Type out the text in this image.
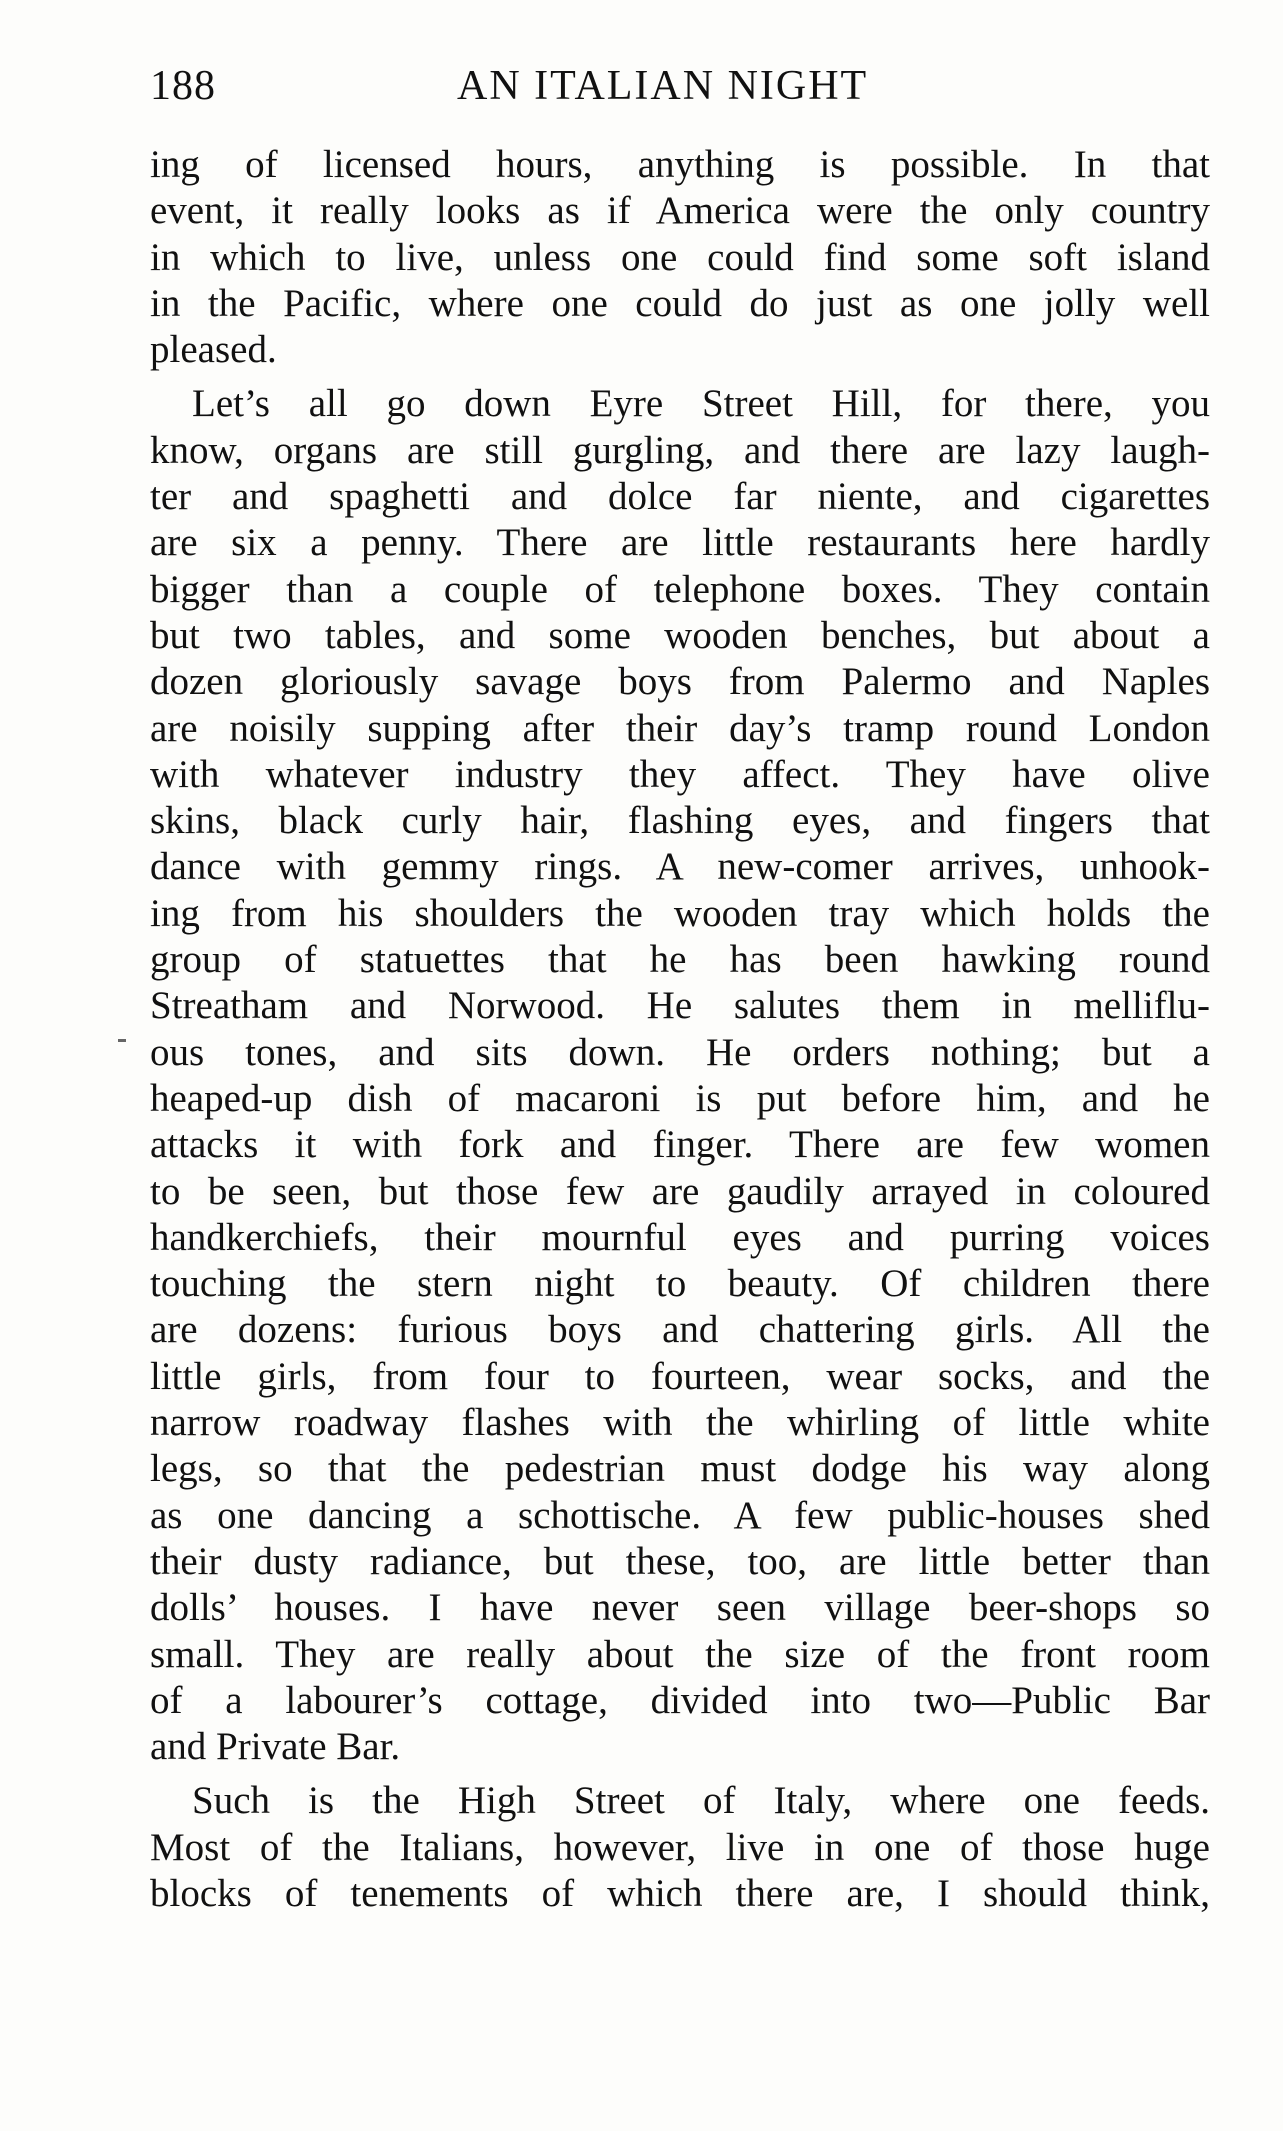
188	AN ITALIAN NIGHT
ing of licensed hours, anything is possible. In that
event, it really looks as if America were the only country
in which to live, unless one could find some soft island
in the Pacific, where one could do just as one jolly well
pleased.
Let’s all go down Eyre Street Hill, for there, you
know, organs are still gurgling, and there are lazy laugh-
ter and spaghetti and dolce far niente, and cigarettes
are six a penny. There are little restaurants here hardly
bigger than a couple of telephone boxes. They contain
but two tables, and some wooden benches, but about a
dozen gloriously savage boys from Palermo and Naples
are noisily supping after their day’s tramp round London
with whatever industry they affect. They have olive
skins, black curly hair, flashing eyes, and fingers that
dance with gemmy rings. A new-comer arrives, unhook-
ing from his shoulders the wooden tray which holds the
group of statuettes that he has been hawking round
Streatham and Norwood. He salutes them in melliflu-
ous tones, and sits down. He orders nothing; but a
heaped-up dish of macaroni is put before him, and he
attacks it with fork and finger. There are few women
to be seen, but those few are gaudily arrayed in coloured
handkerchiefs, their mournful eyes and purring voices
touching the stern night to beauty. Of children there
are dozens: furious boys and chattering girls. All the
little girls, from four to fourteen, wear socks, and the
narrow roadway flashes with the whirling of little white
legs, so that the pedestrian must dodge his way along
as one dancing a schottische. A few public-houses shed
their dusty radiance, but these, too, are little better than
dolls’ houses. I have never seen village beer-shops so
small. They are really about the size of the front room
of a labourer’s cottage, divided into two—Public Bar
and Private Bar.
Such is the High Street of Italy, where one feeds.
Most of the Italians, however, live in one of those huge
blocks of tenements of which there are, I should think,
